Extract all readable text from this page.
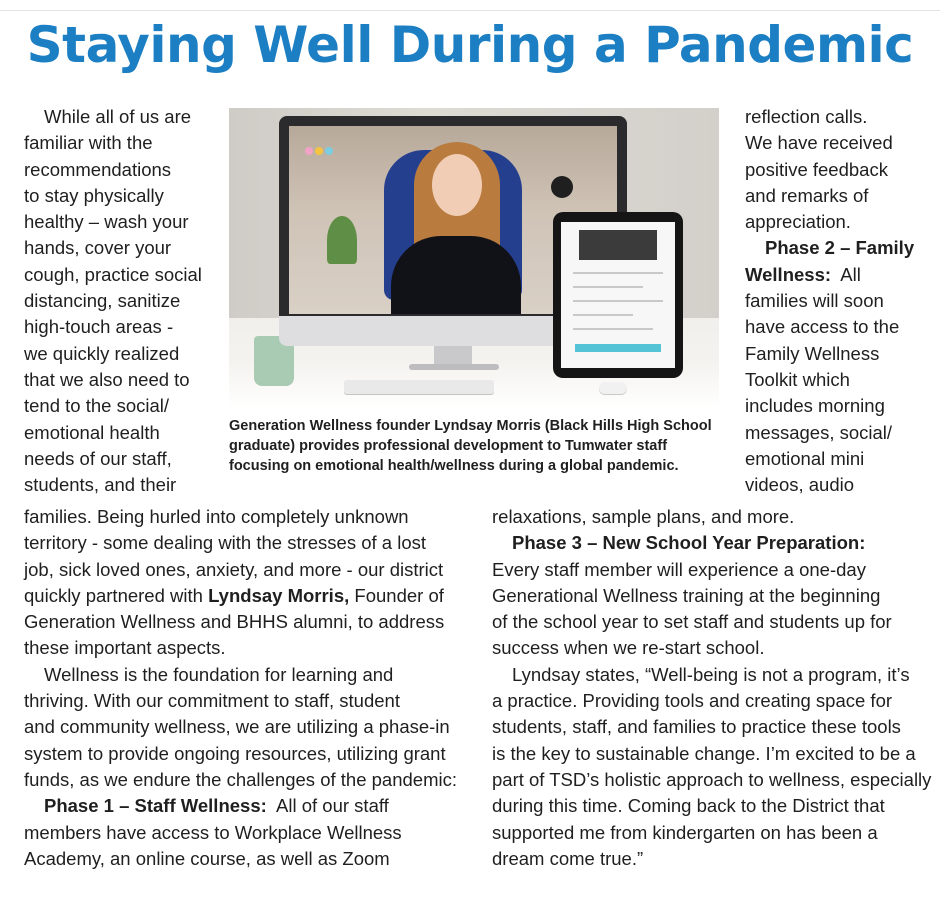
Staying Well During a Pandemic
While all of us are
familiar with the
recommendations
to stay physically
healthy – wash your
hands, cover your
cough, practice social
distancing, sanitize
high-touch areas -
we quickly realized
that we also need to
tend to the social/
emotional health
needs of our staff,
students, and their
families. Being hurled into completely unknown
territory - some dealing with the stresses of a lost
job, sick loved ones, anxiety, and more - our district
quickly partnered with Lyndsay Morris, Founder of
Generation Wellness and BHHS alumni, to address
these important aspects.
Wellness is the foundation for learning and
thriving. With our commitment to staff, student
and community wellness, we are utilizing a phase-in
system to provide ongoing resources, utilizing grant
funds, as we endure the challenges of the pandemic:
Phase 1 – Staff Wellness:  All of our staff
members have access to Workplace Wellness
Academy, an online course, as well as Zoom
Generation Wellness founder Lyndsay Morris (Black Hills High School
graduate) provides professional development to Tumwater staff
focusing on emotional health/wellness during a global pandemic.
reflection calls.
We have received
positive feedback
and remarks of
appreciation.
Phase 2 – Family
Wellness:  All
families will soon
have access to the
Family Wellness
Toolkit which
includes morning
messages, social/
emotional mini
videos, audio
relaxations, sample plans, and more.
Phase 3 – New School Year Preparation:
Every staff member will experience a one-day
Generational Wellness training at the beginning
of the school year to set staff and students up for
success when we re-start school.
Lyndsay states, “Well-being is not a program, it’s
a practice. Providing tools and creating space for
students, staff, and families to practice these tools
is the key to sustainable change. I’m excited to be a
part of TSD’s holistic approach to wellness, especially
during this time. Coming back to the District that
supported me from kindergarten on has been a
dream come true.”
